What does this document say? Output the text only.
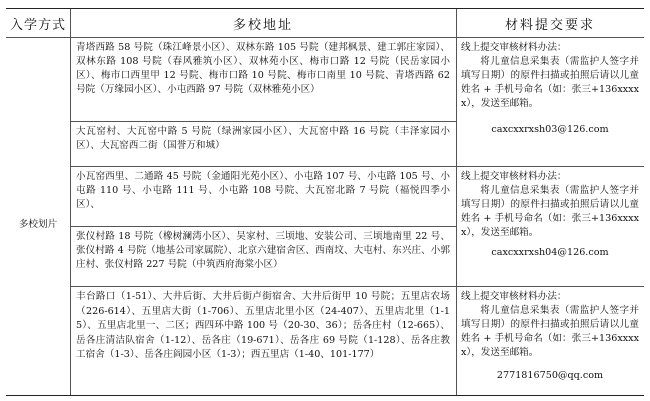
入学方式	多校地址	材料提交要求
多校划片
青塔西路 58 号院（珠江峰景小区）、双林东路 105 号院（建邦枫景、建工郭庄家园）、双林东路 108 号院（春风雅筑小区）、双林苑小区、梅市口路 12 号院（民岳家园小区）、梅市口西里甲 12 号院、梅市口路 10 号院、梅市口南里 10 号院、青塔西路 62 号院（万缘园小区）、小屯西路 97 号院（双林雅苑小区）
大瓦窑村、大瓦窑中路 5 号院（绿洲家园小区）、大瓦窑中路 16 号院（丰泽家园小区）、大瓦窑西二街（国誉万和城）
线上提交审核材料办法：
将儿童信息采集表（需监护人签字并填写日期）的原件扫描或拍照后请以儿童姓名 + 手机号命名（如：张三+136xxxxx），发送至邮箱。
caxcxxrxsh03@126.com
小瓦窑西里、二通路 45 号院（金通阳光苑小区）、小屯路 107 号、小屯路 105 号、小屯路 110 号、小屯路 111 号、小屯路 108 号院、大瓦窑北路 7 号院（福悦四季小区）、
张仪村路 18 号院（橡树澜湾小区）、吴家村、三顷地、安装公司、三顷地南里 22 号、张仪村路 4 号院（地基公司家属院）、北京六建宿舍区、西南坟、大屯村、东兴庄、小郭庄村、张仪村路 227 号院（中筑西府海棠小区）
线上提交审核材料办法：
将儿童信息采集表（需监护人签字并填写日期）的原件扫描或拍照后请以儿童姓名 + 手机号命名（如：张三+136xxxxx），发送至邮箱。
caxcxxrxsh04@126.com
丰台路口（1-51）、大井后街、大井后街卢街宿舍、大井后街甲 10 号院；五里店农场（226-614）、五里店大街（1-706）、五里店北里小区（24-407）、五里店北里（1-15）、五里店北里一、二区；西四环中路 100 号（20-30、36）；岳各庄村（12-665）、岳各庄清洁队宿舍（1-12）、岳各庄（19-671）、岳各庄 69 号院（1-128）、岳各庄教工宿舍（1-3）、岳各庄阎园小区（1-3）；西五里店（1-40、101-177）
线上提交审核材料办法：
将儿童信息采集表（需监护人签字并填写日期）的原件扫描或拍照后请以儿童姓名 + 手机号命名（如：张三+136xxxxx），发送至邮箱。
2771816750@qq.com
